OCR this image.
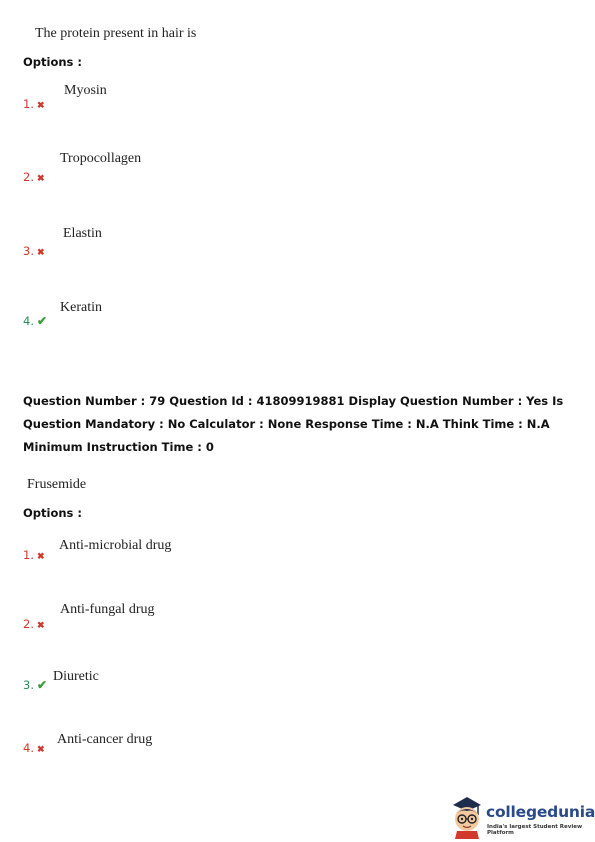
The protein present in hair is
Options :
1. ✖
Myosin
2. ✖
Tropocollagen
3. ✖
Elastin
4. ✔
Keratin
Question Number : 79 Question Id : 41809919881 Display Question Number : Yes Is Question Mandatory : No Calculator : None Response Time : N.A Think Time : N.A Minimum Instruction Time : 0
Frusemide
Options :
1. ✖
Anti-microbial drug
2. ✖
Anti-fungal drug
3. ✔
Diuretic
4. ✖
Anti-cancer drug
collegedunia
India's largest Student Review Platform
